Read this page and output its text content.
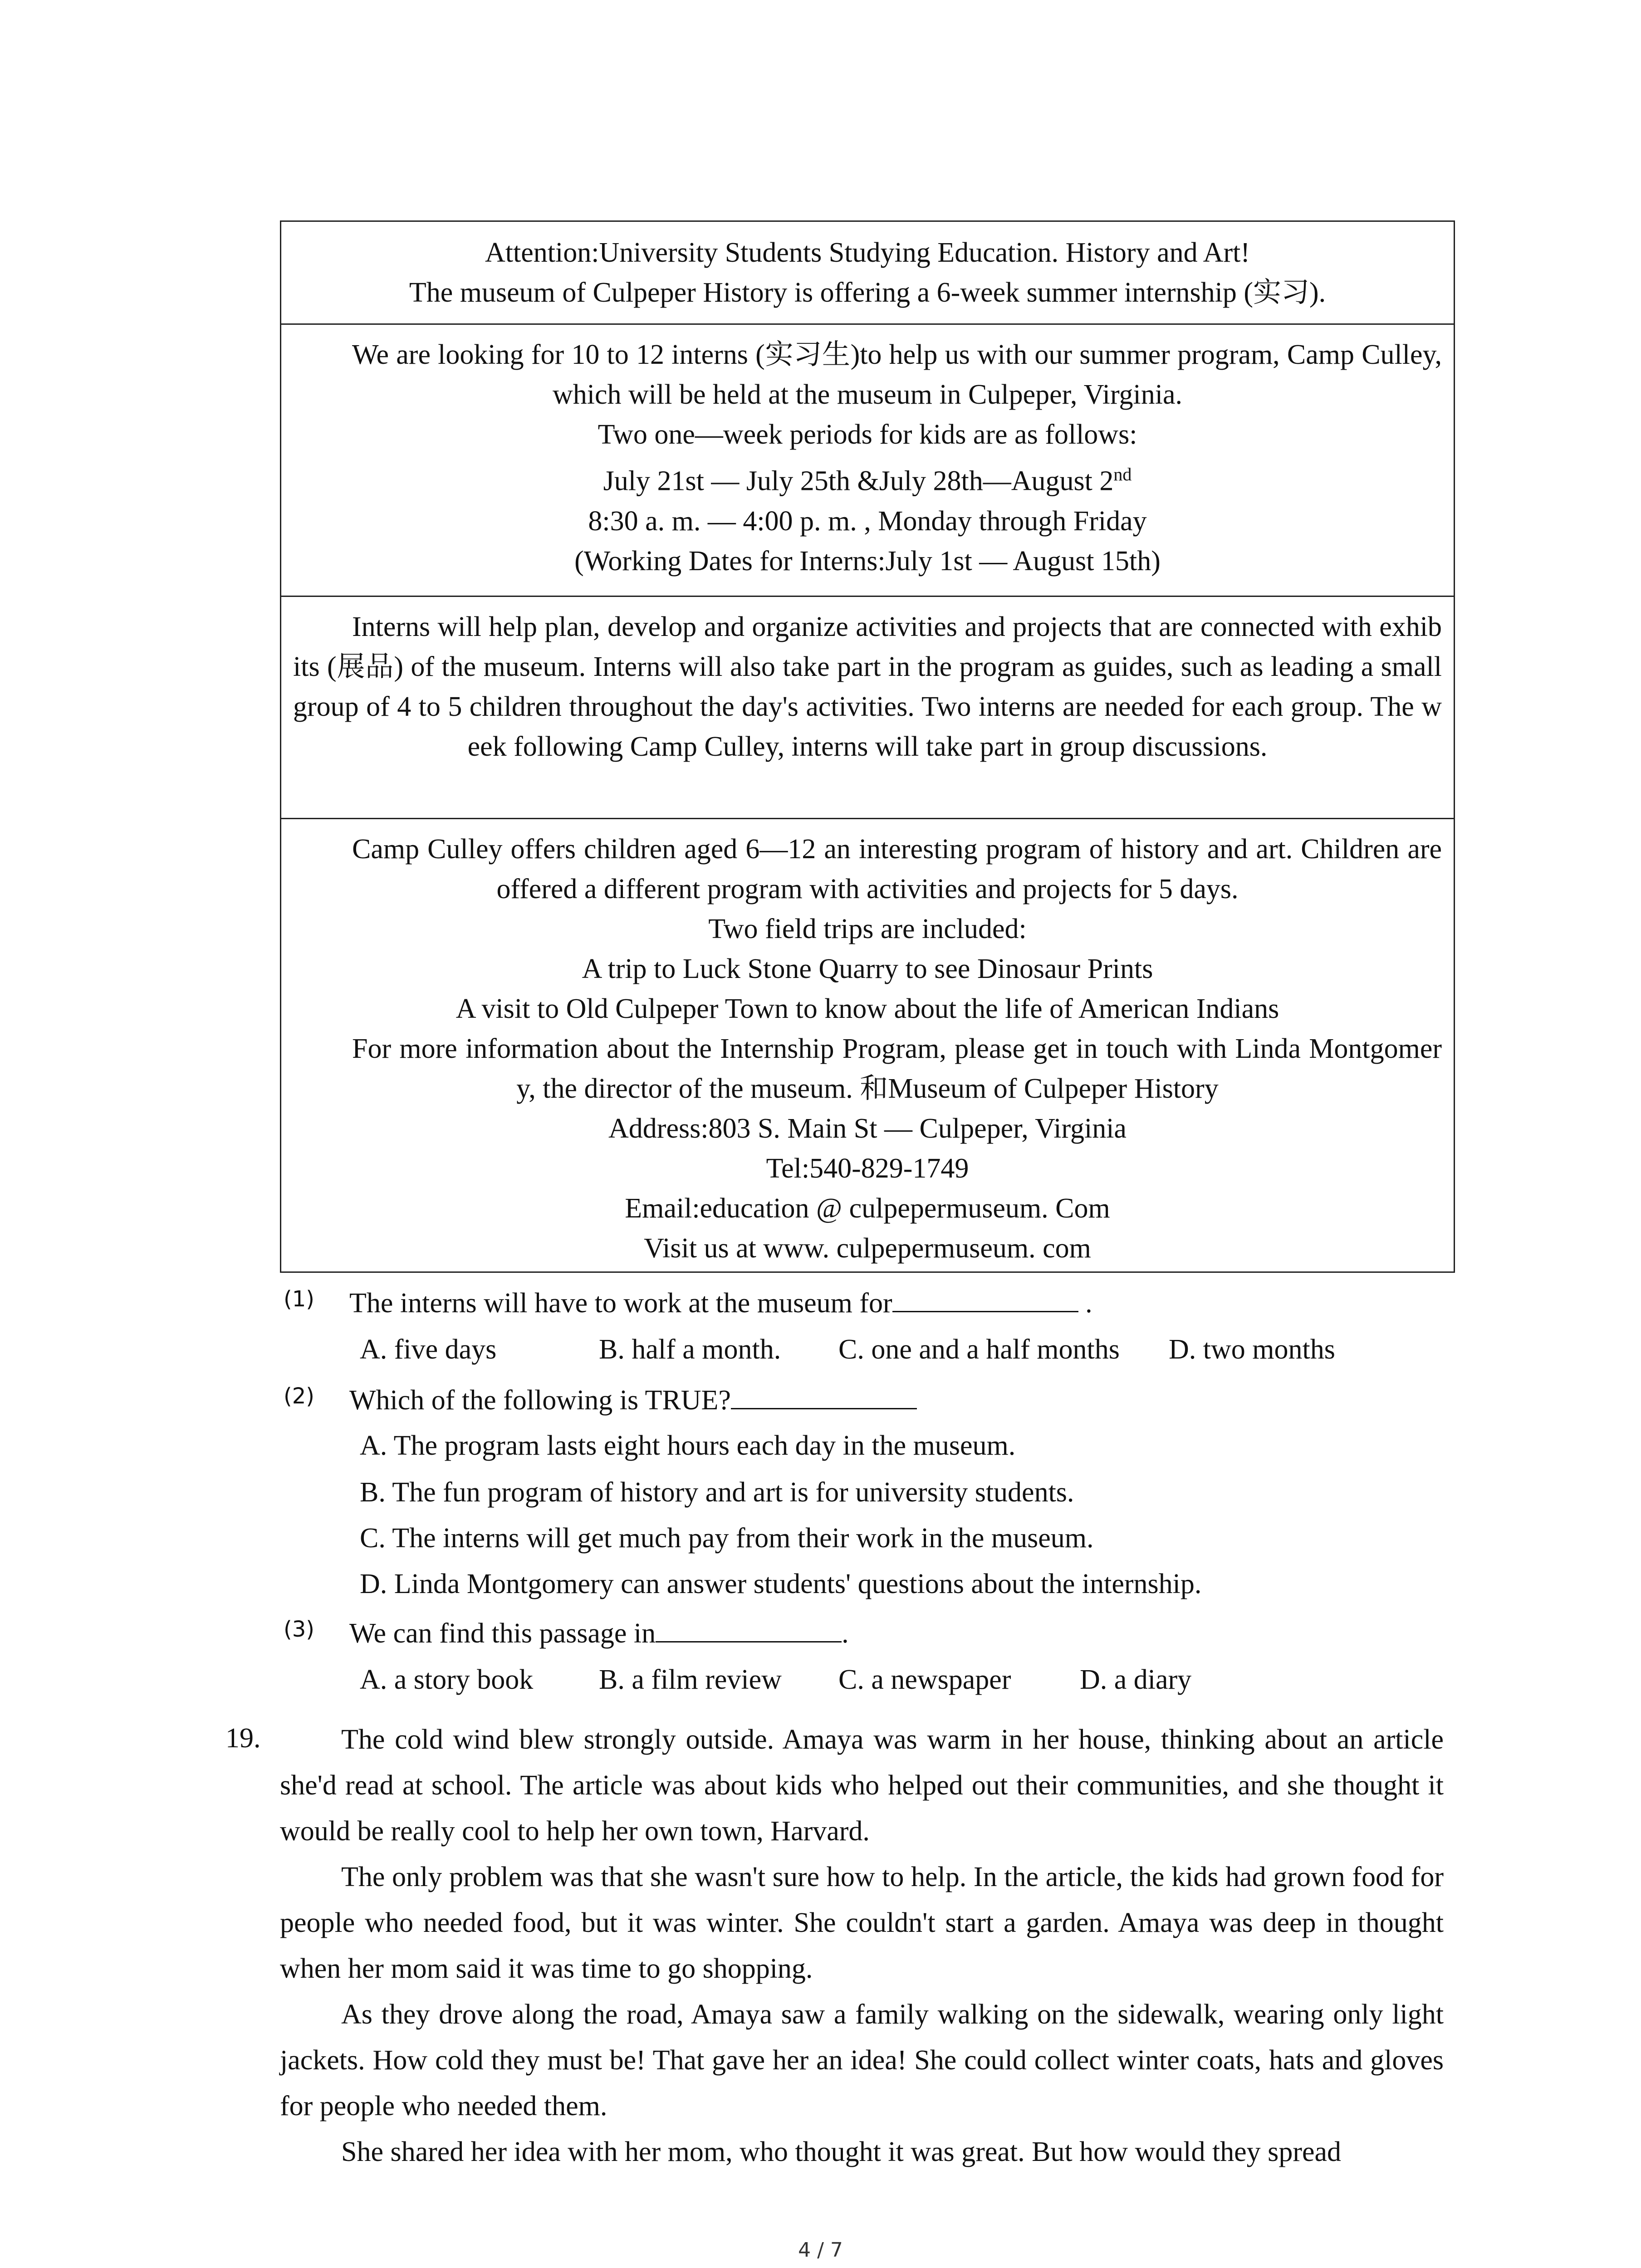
Attention:University Students Studying Education. History and Art!
The museum of Culpeper History is offering a 6-week summer internship (实习).
We are looking for 10 to 12 interns (实习生)to help us with our summer program, Camp Culley, which will be held at the museum in Culpeper, Virginia.
Two one—week periods for kids are as follows:
July 21st — July 25th &July 28th—August 2nd
8:30 a. m. — 4:00 p. m. , Monday through Friday
(Working Dates for Interns:July 1st — August 15th)
Interns will help plan, develop and organize activities and projects that are connected with exhibits (展品) of the museum. Interns will also take part in the program as guides, such as leading a small group of 4 to 5 children throughout the day's activities. Two interns are needed for each group. The week following Camp Culley, interns will take part in group discussions.
Camp Culley offers children aged 6—12 an interesting program of history and art. Children are offered a different program with activities and projects for 5 days.
Two field trips are included:
A trip to Luck Stone Quarry to see Dinosaur Prints
A visit to Old Culpeper Town to know about the life of American Indians
For more information about the Internship Program, please get in touch with Linda Montgomery, the director of the museum. 和Museum of Culpeper History
Address:803 S. Main St — Culpeper, Virginia
Tel:540-829-1749
Email:education @ culpepermuseum. Com
Visit us at www. culpepermuseum. com
(1) The interns will have to work at the museum for	.
A. five days	B. half a month. C. one and a half months D. two months
(2) Which of the following is TRUE?
A. The program lasts eight hours each day in the museum.
B. The fun program of history and art is for university students.
C. The interns will get much pay from their work in the museum.
D. Linda Montgomery can answer students' questions about the internship.
(3) We can find this passage in	.
A. a story book B. a film review C. a newspaper D. a diary
19.	The cold wind blew strongly outside. Amaya was warm in her house, thinking about an article she'd read at school. The article was about kids who helped out their communities, and she thought it would be really cool to help her own town, Harvard.
The only problem was that she wasn't sure how to help. In the article, the kids had grown food for people who needed food, but it was winter. She couldn't start a garden. Amaya was deep in thought when her mom said it was time to go shopping.
As they drove along the road, Amaya saw a family walking on the sidewalk, wearing only light jackets. How cold they must be! That gave her an idea! She could collect winter coats, hats and gloves for people who needed them.
She shared her idea with her mom, who thought it was great. But how would they spread
4 / 7
